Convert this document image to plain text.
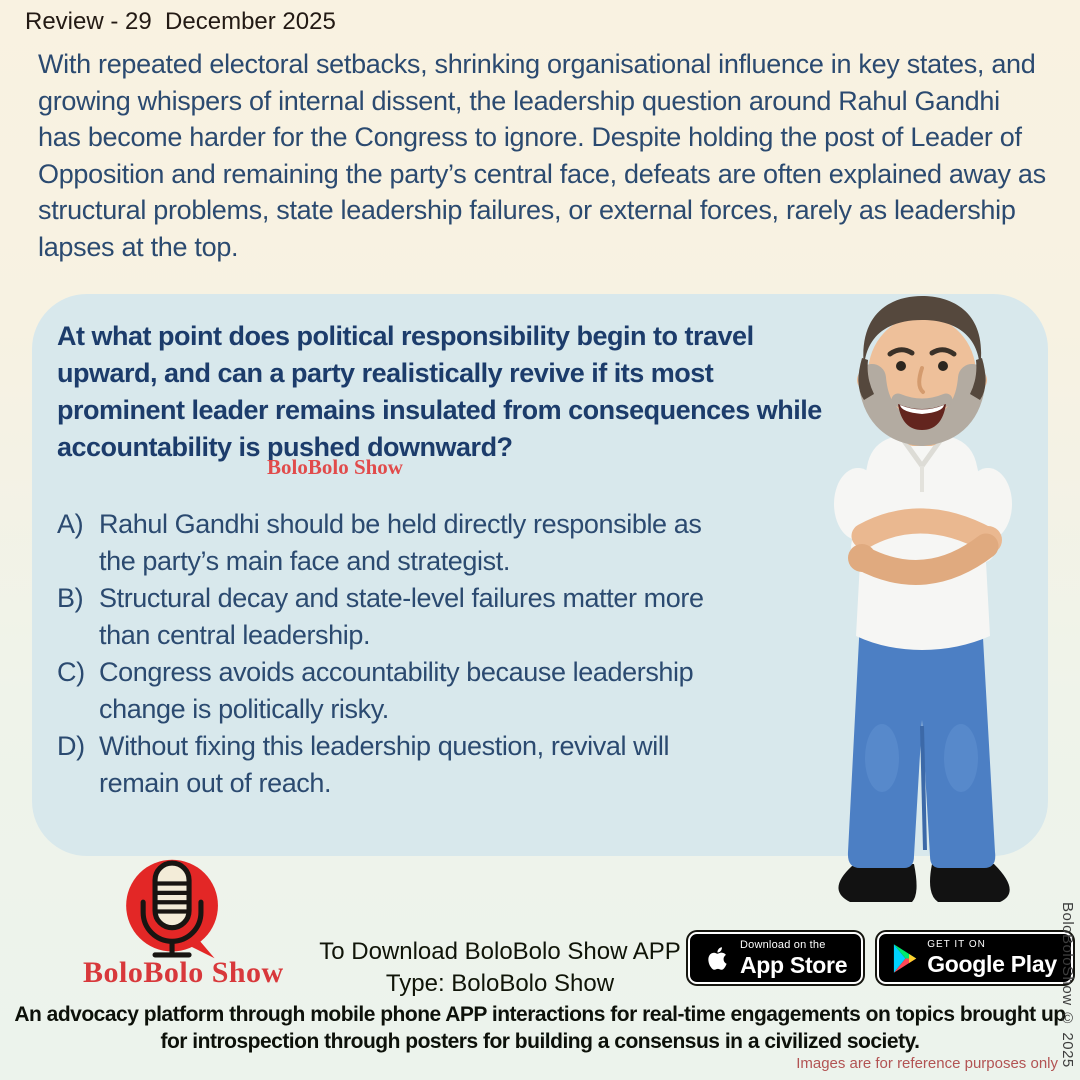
Review - 29  December 2025
With repeated electoral setbacks, shrinking organisational influence in key states, and growing whispers of internal dissent, the leadership question around Rahul Gandhi has become harder for the Congress to ignore. Despite holding the post of Leader of Opposition and remaining the party’s central face, defeats are often explained away as structural problems, state leadership failures, or external forces, rarely as leadership lapses at the top.
At what point does political responsibility begin to travel upward, and can a party realistically revive if its most prominent leader remains insulated from consequences while accountability is pushed downward?
BoloBolo Show
A) Rahul Gandhi should be held directly responsible as the party’s main face and strategist.
B) Structural decay and state-level failures matter more than central leadership.
C) Congress avoids accountability because leadership change is politically risky.
D) Without fixing this leadership question, revival will remain out of reach.
BoloBolo Show
To Download BoloBolo Show APP
Type: BoloBolo Show
Download on the
App Store
GET IT ON
Google Play
An advocacy platform through mobile phone APP interactions for real-time engagements on topics brought up for introspection through posters for building a consensus in a civilized society.	BoloBoloShow © 2025
Images are for reference purposes only
